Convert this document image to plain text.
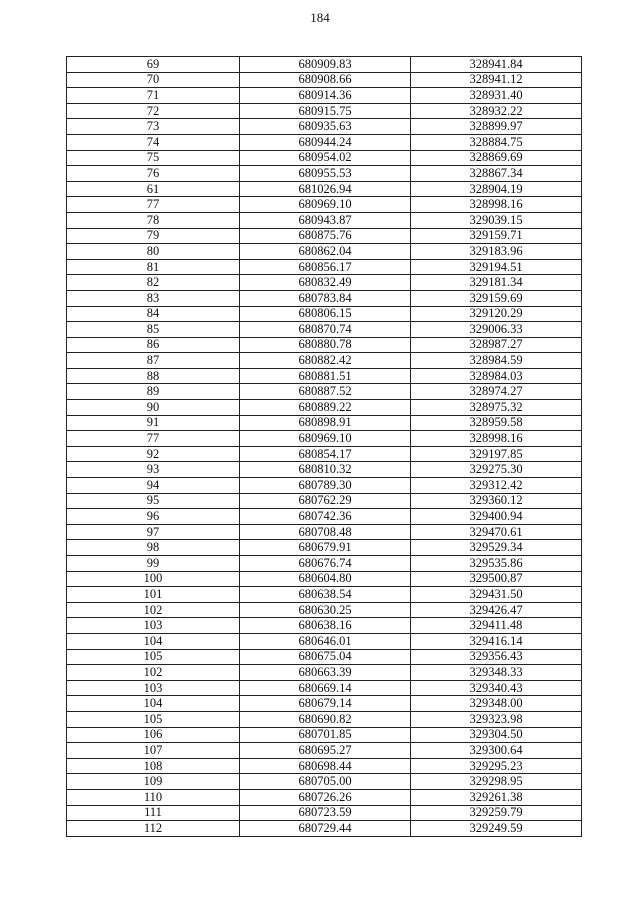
184
69	680909.83	328941.84
70	680908.66	328941.12
71	680914.36	328931.40
72	680915.75	328932.22
73	680935.63	328899.97
74	680944.24	328884.75
75	680954.02	328869.69
76	680955.53	328867.34
61	681026.94	328904.19
77	680969.10	328998.16
78	680943.87	329039.15
79	680875.76	329159.71
80	680862.04	329183.96
81	680856.17	329194.51
82	680832.49	329181.34
83	680783.84	329159.69
84	680806.15	329120.29
85	680870.74	329006.33
86	680880.78	328987.27
87	680882.42	328984.59
88	680881.51	328984.03
89	680887.52	328974.27
90	680889.22	328975.32
91	680898.91	328959.58
77	680969.10	328998.16
92	680854.17	329197.85
93	680810.32	329275.30
94	680789.30	329312.42
95	680762.29	329360.12
96	680742.36	329400.94
97	680708.48	329470.61
98	680679.91	329529.34
99	680676.74	329535.86
100	680604.80	329500.87
101	680638.54	329431.50
102	680630.25	329426.47
103	680638.16	329411.48
104	680646.01	329416.14
105	680675.04	329356.43
102	680663.39	329348.33
103	680669.14	329340.43
104	680679.14	329348.00
105	680690.82	329323.98
106	680701.85	329304.50
107	680695.27	329300.64
108	680698.44	329295.23
109	680705.00	329298.95
110	680726.26	329261.38
111	680723.59	329259.79
112	680729.44	329249.59
